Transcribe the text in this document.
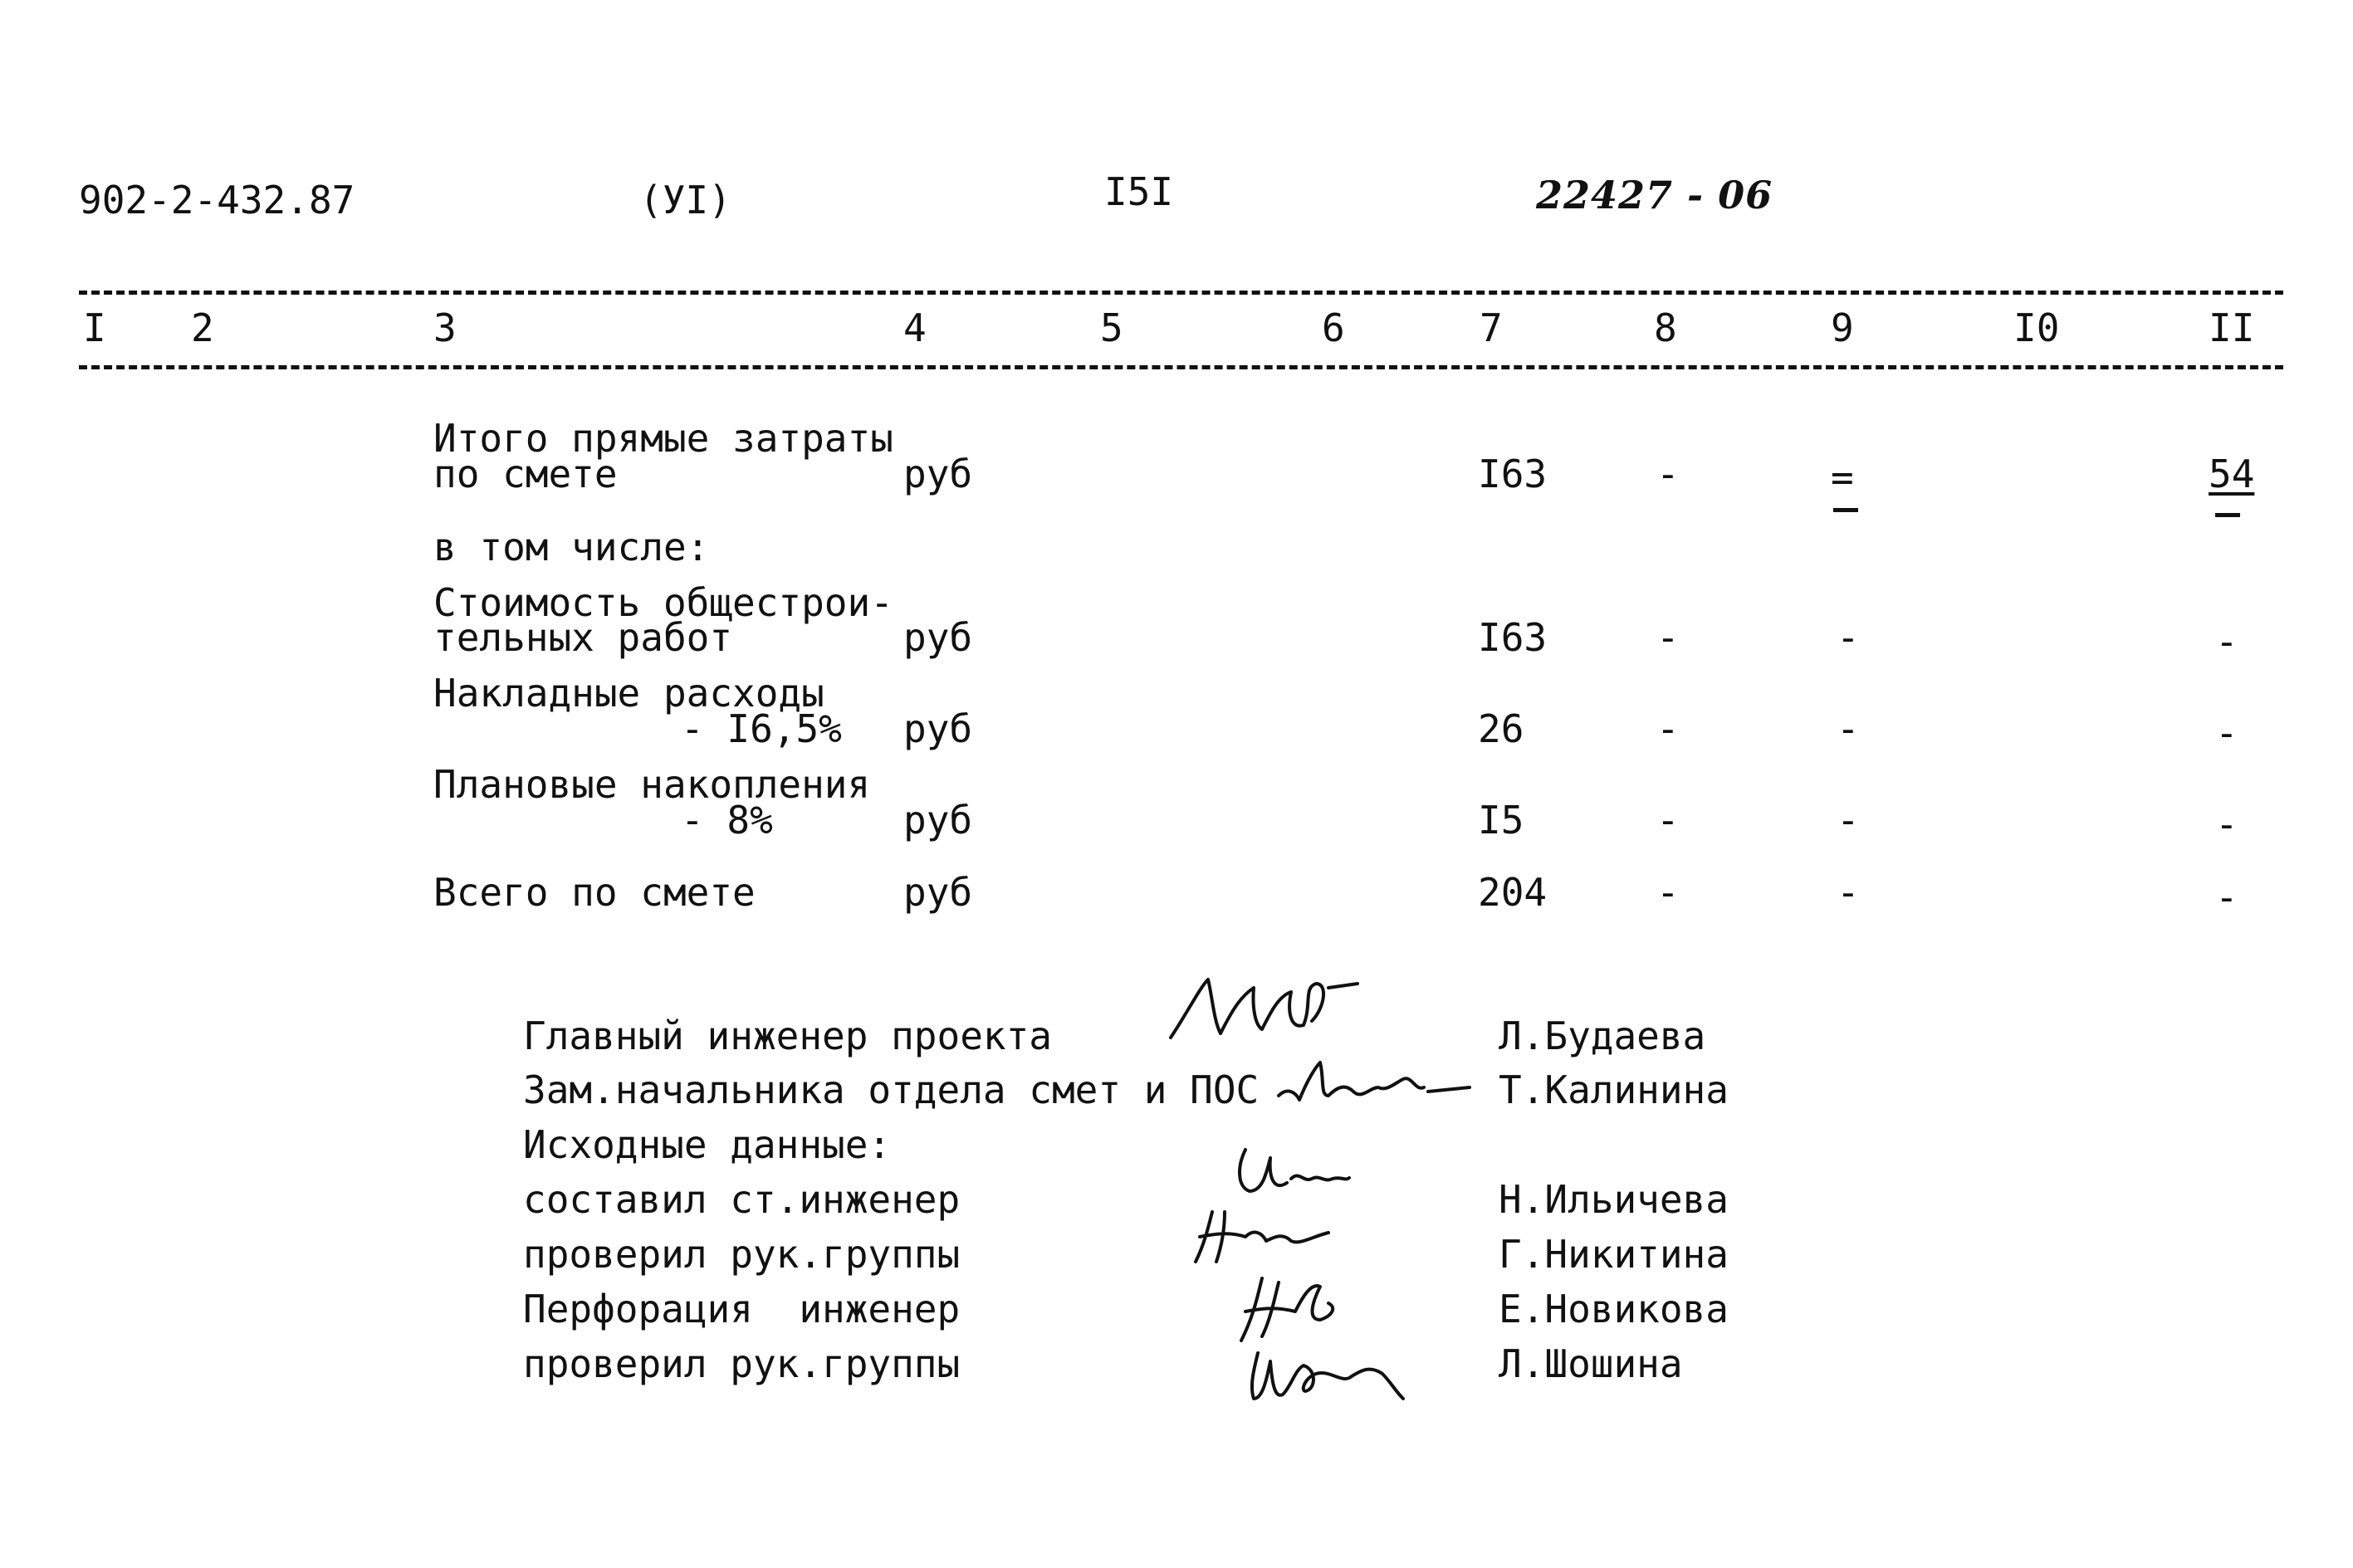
902-2-432.87	(УI)	I5I	22427 - 06
I 2	3	4	5	6	7	8	9	I0	II
Итого прямые затраты
по смете	руб	I63	-	=	54
в том числе:
Стоимость общестрои-
тельных работ	руб	I63	-	-	-
Накладные расходы
- I6,5% руб	26	-	-	-
Плановые накопления
- 8%	руб	I5	-	-	-
Всего по смете	руб	204	-	-	-
Главный инженер проекта	Л.Будаева
Зам.начальника отдела смет и ПОС	Т.Калинина
Исходные данные:
составил ст.инженер	Н.Ильичева
проверил рук.группы	Г.Никитина
Перфорация  инженер	Е.Новикова
проверил рук.группы	Л.Шошина
